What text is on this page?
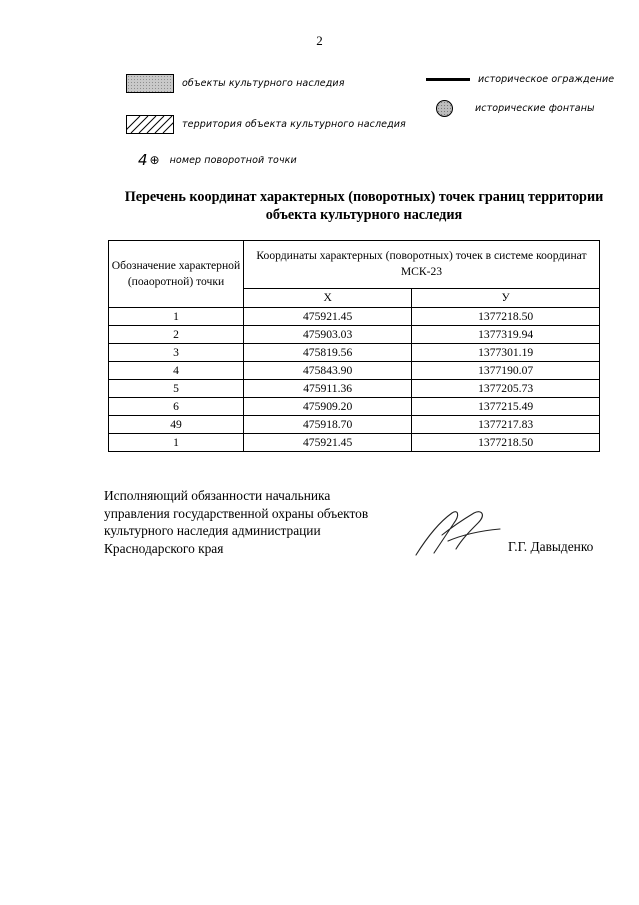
2
объекты культурного наследия	историческое ограждение
территория объекта культурного наследия
исторические фонтаны
4 ⊕ номер поворотной точки
Перечень координат характерных (поворотных) точек границ территории
объекта культурного наследия
Обозначение характерной (поаоротной) точки	Координаты характерных (поворотных) точек в системе координат МСК-23	
	X	У
1	475921.45	1377218.50
2	475903.03	1377319.94
3	475819.56	1377301.19
4	475843.90	1377190.07
5	475911.36	1377205.73
6	475909.20	1377215.49
49	475918.70	1377217.83
1	475921.45	1377218.50
Исполняющий обязанности начальника
управления государственной охраны объектов
культурного наследия администрации
Краснодарского края	Г.Г. Давыденко
